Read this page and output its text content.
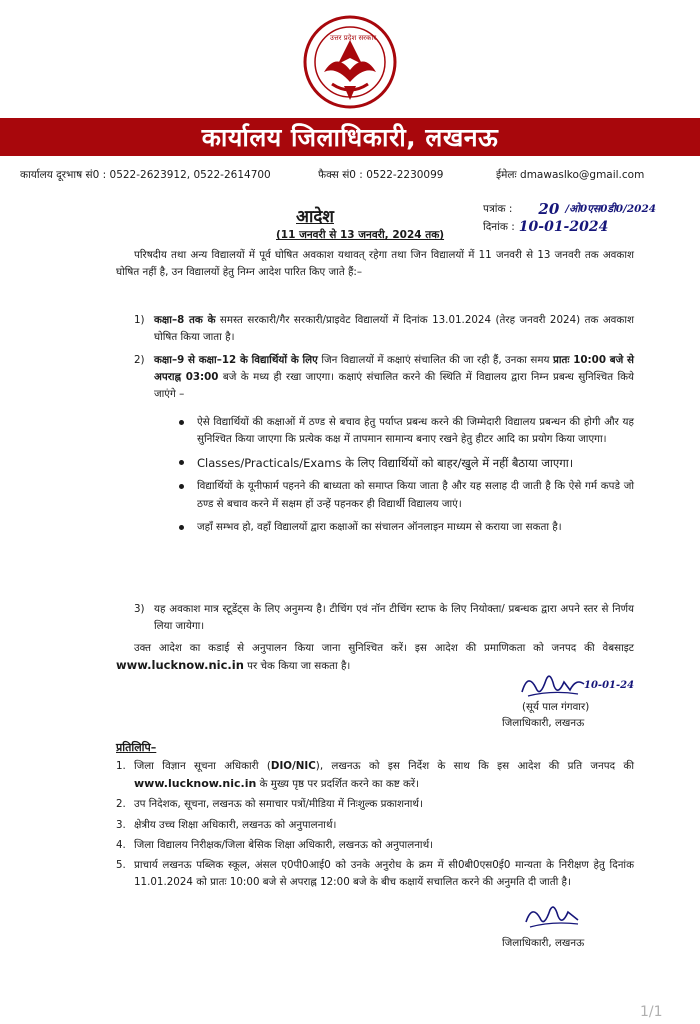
उत्तर प्रदेश सरकार
कार्यालय जिलाधिकारी, लखनऊ
कार्यालय दूरभाष सं0 : 0522-2623912, 0522-2614700	फैक्स सं0 : 0522-2230099	ईमेलः dmawaslko@gmail.com
आदेश
(11 जनवरी से 13 जनवरी, 2024 तक)
पत्रांक : 20 /ओ0एस0डी0/2024
दिनांक : 10-01-2024
परिषदीय तथा अन्य विद्यालयों में पूर्व घोषित अवकाश यथावत् रहेगा तथा जिन विद्यालयों में 11 जनवरी से 13 जनवरी तक अवकाश घोषित नहीं है, उन विद्यालयों हेतु निम्न आदेश पारित किए जाते हैं:–
1) कक्षा–8 तक के समस्त सरकारी/गैर सरकारी/प्राइवेट विद्यालयों में दिनांक 13.01.2024 (तेरह जनवरी 2024) तक अवकाश घोषित किया जाता है।
2) कक्षा–9 से कक्षा–12 के विद्यार्थियों के लिए जिन विद्यालयों में कक्षाएं संचालित की जा रही हैं, उनका समय प्रातः 10:00 बजे से अपराह्न 03:00 बजे के मध्य ही रखा जाएगा। कक्षाएं संचालित करने की स्थिति में विद्यालय द्वारा निम्न प्रबन्ध सुनिश्चित किये जाएंगे –
ऐसे विद्यार्थियों की कक्षाओं में ठण्ड से बचाव हेतु पर्याप्त प्रबन्ध करने की जिम्मेदारी विद्यालय प्रबन्धन की होगी और यह सुनिश्चित किया जाएगा कि प्रत्येक कक्ष में तापमान सामान्य बनाए रखने हेतु हीटर आदि का प्रयोग किया जाएगा।
Classes/Practicals/Exams के लिए विद्यार्थियों को बाहर/खुले में नहीं बैठाया जाएगा।
विद्यार्थियों के यूनीफार्म पहनने की बाध्यता को समाप्त किया जाता है और यह सलाह दी जाती है कि ऐसे गर्म कपडे जो ठण्ड से बचाव करने में सक्षम हों उन्हें पहनकर ही विद्यार्थी विद्यालय जाएं।
जहाँ सम्भव हो, वहाँ विद्यालयों द्वारा कक्षाओं का संचालन ऑनलाइन माध्यम से कराया जा सकता है।
3) यह अवकाश मात्र स्टूडेंट्स के लिए अनुमन्य है। टीचिंग एवं नॉन टीचिंग स्टाफ के लिए नियोक्ता/ प्रबन्धक द्वारा अपने स्तर से निर्णय लिया जायेगा।
उक्त आदेश का कडाई से अनुपालन किया जाना सुनिश्चित करें। इस आदेश की प्रमाणिकता को जनपद की वेबसाइट www.lucknow.nic.in पर चेक किया जा सकता है।
10-01-24
(सूर्य पाल गंगवार)
जिलाधिकारी, लखनऊ
प्रतिलिपि–
1. जिला विज्ञान सूचना अधिकारी (DIO/NIC), लखनऊ को इस निर्देश के साथ कि इस आदेश की प्रति जनपद की www.lucknow.nic.in के मुख्य पृष्ठ पर प्रदर्शित करने का कष्ट करें।
2. उप निदेशक, सूचना, लखनऊ को समाचार पत्रों/मीडिया में निःशुल्क प्रकाशनार्थ।
3. क्षेत्रीय उच्च शिक्षा अधिकारी, लखनऊ को अनुपालनार्थ।
4. जिला विद्यालय निरीक्षक/जिला बेसिक शिक्षा अधिकारी, लखनऊ को अनुपालनार्थ।
5. प्राचार्य लखनऊ पब्लिक स्कूल, अंसल ए0पी0आई0 को उनके अनुरोध के क्रम में सी0बी0एस0ई0 मान्यता के निरीक्षण हेतु दिनांक 11.01.2024 को प्रातः 10:00 बजे से अपराह्न 12:00 बजे के बीच कक्षायें सचालित करने की अनुमति दी जाती है।
जिलाधिकारी, लखनऊ
1/1
